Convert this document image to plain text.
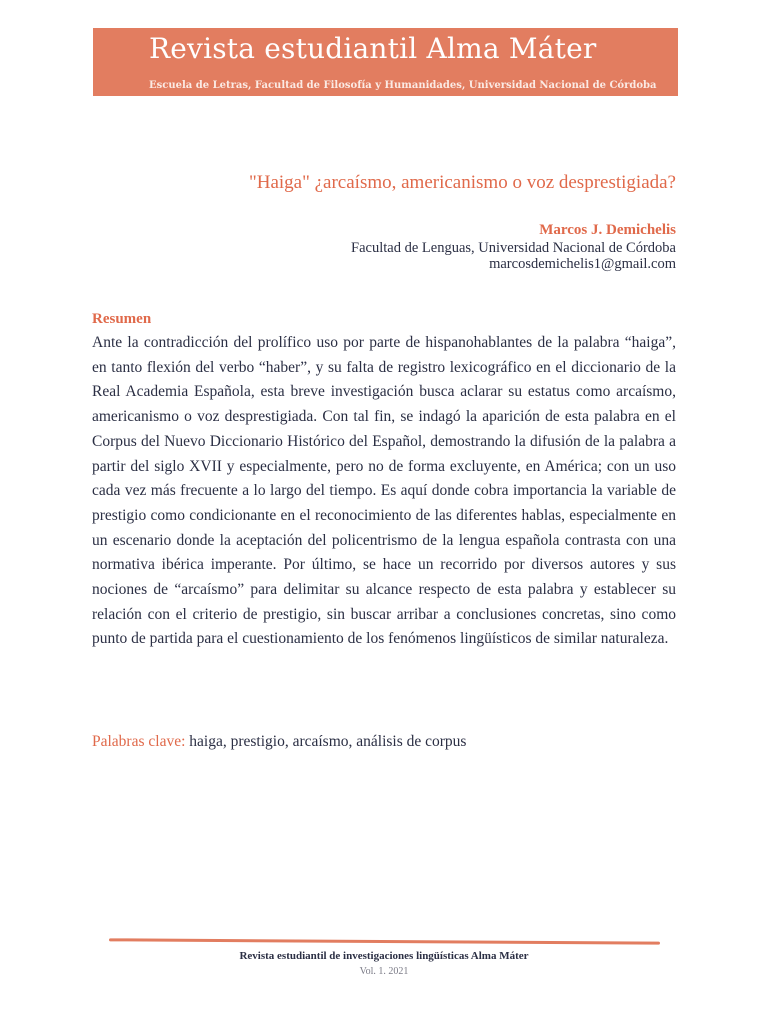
Revista estudiantil Alma Máter
Escuela de Letras, Facultad de Filosofía y Humanidades, Universidad Nacional de Córdoba
"Haiga" ¿arcaísmo, americanismo o voz desprestigiada?
Marcos J. Demichelis
Facultad de Lenguas, Universidad Nacional de Córdoba
marcosdemichelis1@gmail.com
Resumen
Ante la contradicción del prolífico uso por parte de hispanohablantes de la palabra “haiga”, en tanto flexión del verbo “haber”, y su falta de registro lexicográfico en el diccionario de la Real Academia Española, esta breve investigación busca aclarar su estatus como arcaísmo, americanismo o voz desprestigiada. Con tal fin, se indagó la aparición de esta palabra en el Corpus del Nuevo Diccionario Histórico del Español, demostrando la difusión de la palabra a partir del siglo XVII y especialmente, pero no de forma excluyente, en América; con un uso cada vez más frecuente a lo largo del tiempo. Es aquí donde cobra importancia la variable de prestigio como condicionante en el reconocimiento de las diferentes hablas, especialmente en un escenario donde la aceptación del policentrismo de la lengua española contrasta con una normativa ibérica imperante. Por último, se hace un recorrido por diversos autores y sus nociones de “arcaísmo” para delimitar su alcance respecto de esta palabra y establecer su relación con el criterio de prestigio, sin buscar arribar a conclusiones concretas, sino como punto de partida para el cuestionamiento de los fenómenos lingüísticos de similar naturaleza.
Palabras clave: haiga, prestigio, arcaísmo, análisis de corpus
Revista estudiantil de investigaciones lingüísticas Alma Máter
Vol. 1. 2021
